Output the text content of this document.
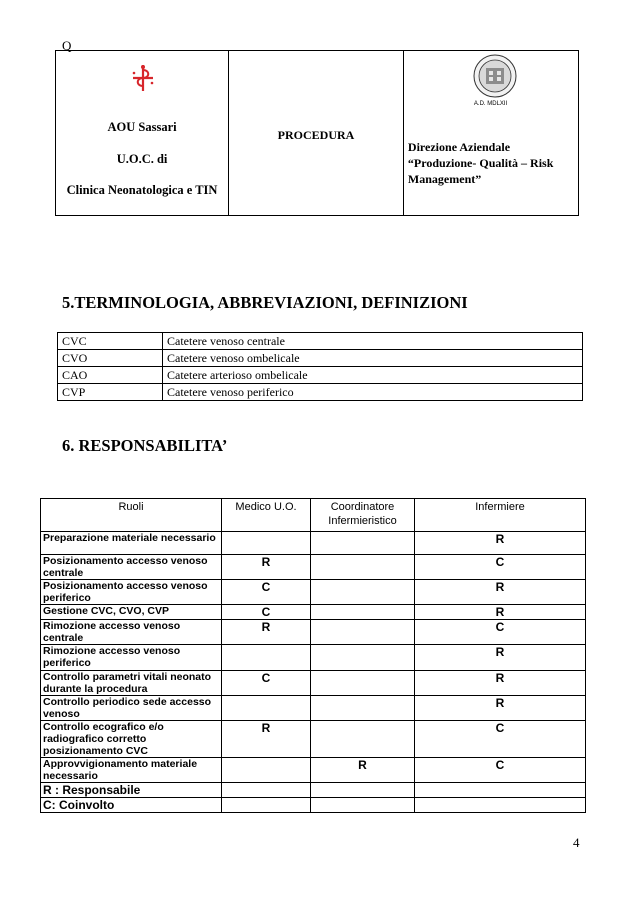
Q
AOU Sassari
U.O.C. di
Clinica Neonatologica e TIN

PROCEDURA

A.D. MDLXII
Direzione Aziendale
“Produzione- Qualità – Risk
Management”
5.TERMINOLOGIA, ABBREVIAZIONI, DEFINIZIONI
CVC	Catetere venoso centrale
CVO	Catetere venoso ombelicale
CAO	Catetere arterioso ombelicale
CVP	Catetere venoso periferico
6. RESPONSABILITA’
Ruoli	Medico U.O.	Coordinatore Infermieristico	Infermiere
Preparazione materiale necessario			R
Posizionamento accesso venoso centrale	R		C
Posizionamento accesso venoso periferico	C		R
Gestione CVC, CVO, CVP	C		R
Rimozione accesso venoso centrale	R		C
Rimozione accesso venoso periferico			R
Controllo parametri vitali neonato durante la procedura	C		R
Controllo periodico sede accesso venoso			R
Controllo ecografico e/o radiografico corretto posizionamento CVC	R		C
Approvvigionamento materiale necessario		R	C
R : Responsabile			
C: Coinvolto			
4
